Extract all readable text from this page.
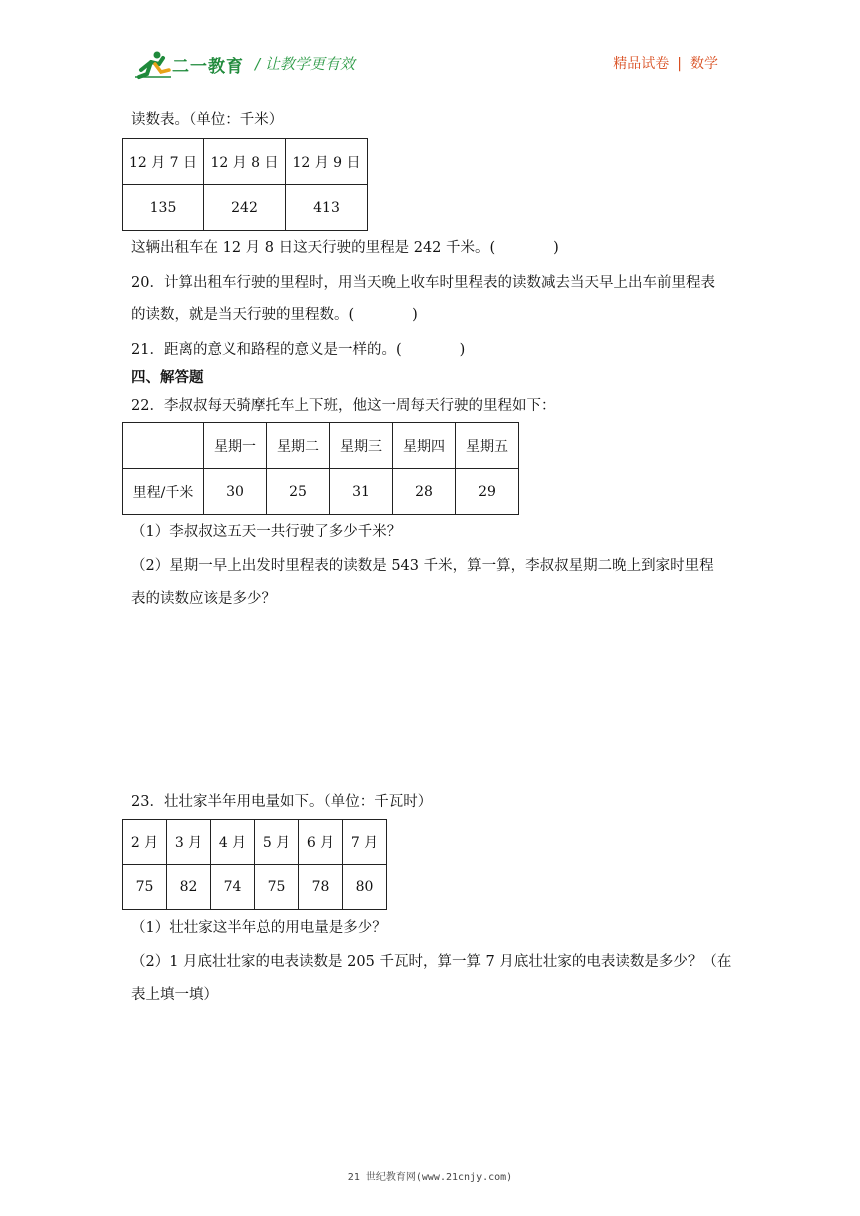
二一教育 / 让教学更有效	精品试卷 | 数学
读数表。（单位：千米）
12 月 7 日	12 月 8 日	12 月 9 日
135	242	413
这辆出租车在 12 月 8 日这天行驶的里程是 242 千米。(　　　　)
20．计算出租车行驶的里程时，用当天晚上收车时里程表的读数减去当天早上出车前里程表
的读数，就是当天行驶的里程数。(　　　　)
21．距离的意义和路程的意义是一样的。(　　　　)
四、解答题
22．李叔叔每天骑摩托车上下班，他这一周每天行驶的里程如下：
	星期一	星期二	星期三	星期四	星期五
里程/千米	30	25	31	28	29
（1）李叔叔这五天一共行驶了多少千米？
（2）星期一早上出发时里程表的读数是 543 千米，算一算，李叔叔星期二晚上到家时里程
表的读数应该是多少？
23．壮壮家半年用电量如下。（单位：千瓦时）
2 月	3 月	4 月	5 月	6 月	7 月
75	82	74	75	78	80
（1）壮壮家这半年总的用电量是多少？
（2）1 月底壮壮家的电表读数是 205 千瓦时，算一算 7 月底壮壮家的电表读数是多少？（在
表上填一填）
21 世纪教育网(www.21cnjy.com)
